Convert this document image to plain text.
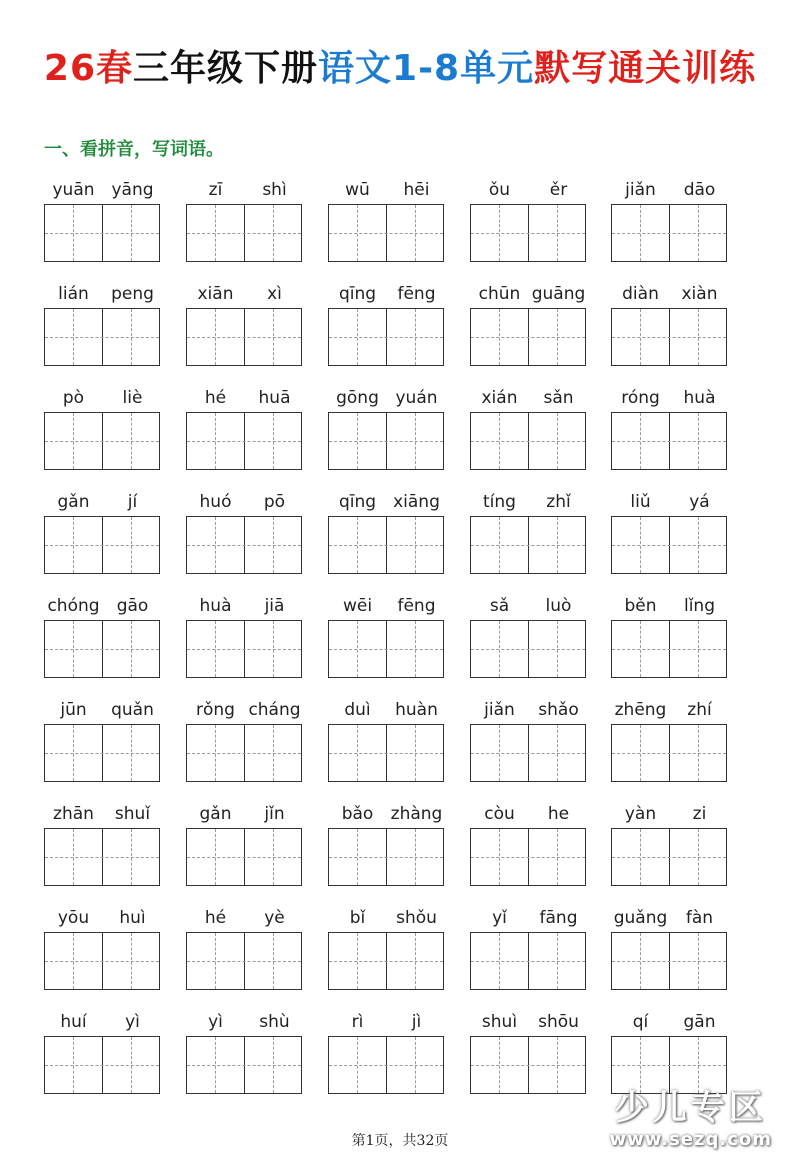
26春三年级下册语文1-8单元默写通关训练
一、看拼音，写词语。
yuān yāng	zī	shì	wū	hēi	ǒu	ěr	jiǎn	dāo
lián	peng	xiān	xì	qīng	fēng	chūn guāng	diàn	xiàn
pò	liè	hé	huā	gōng yuán	xián	sǎn	róng	huà
gǎn	jí	huó	pō	qīng	xiāng	tíng	zhǐ	liǔ	yá
chóng	gāo	huà	jiā	wēi	fēng	sǎ	luò	běn	lǐng
jūn	quǎn	rǒng cháng	duì	huàn	jiǎn	shǎo	zhēng	zhí
zhān	shuǐ	gǎn	jǐn	bǎo	zhàng	còu	he	yàn	zi
yōu	huì	hé	yè	bǐ	shǒu	yǐ	fāng	guǎng	fàn
huí	yì	yì	shù	rì	jì	shuì	shōu	qí	gān
第1页，共32页
少儿专区
www.sezq.com
